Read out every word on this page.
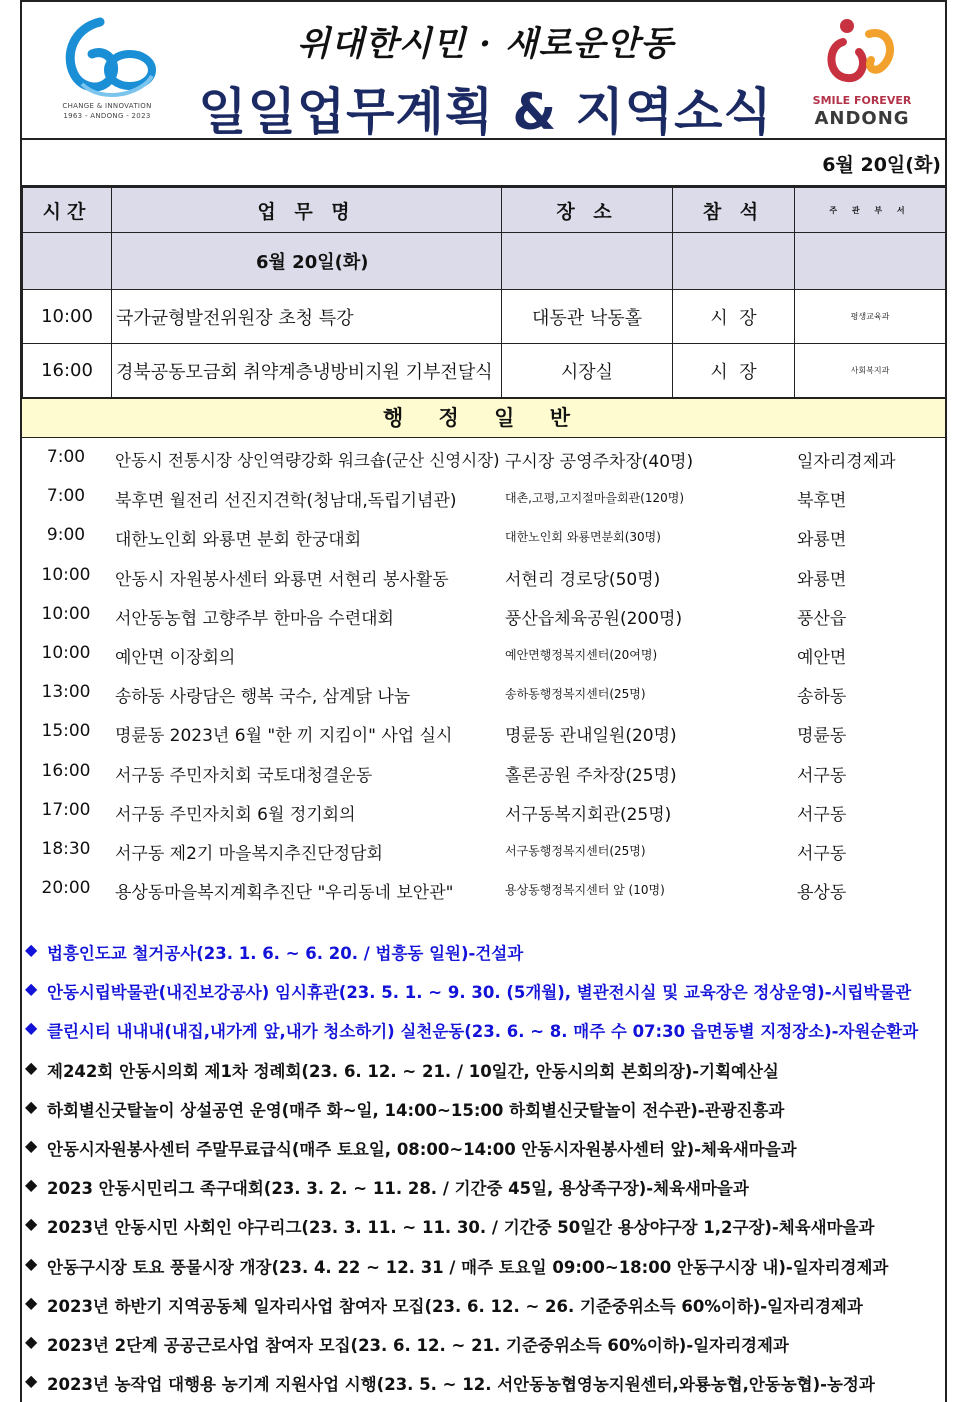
CHANGE & INNOVATION
1963 - ANDONG - 2023
위대한시민 · 새로운안동
일일업무계획 & 지역소식	SMILE FOREVER
ANDONG
6월 20일(화)
시간	업 무 명	장 소	참 석	주 관 부 서
	6월 20일(화)			
10:00	국가균형발전위원장 초청 특강	대동관 낙동홀	시  장	평생교육과
16:00	경북공동모금회 취약계층냉방비지원 기부전달식	시장실	시  장	사회복지과
행 정 일 반
7:00	안동시 전통시장 상인역량강화 워크숍(군산 신영시장) 구시장 공영주차장(40명)	일자리경제과
7:00	북후면 월전리 선진지견학(청남대,독립기념관)	대촌,고평,고지절마을회관(120명)	북후면
9:00	대한노인회 와룡면 분회 한궁대회	대한노인회 와룡면분회(30명)	와룡면
10:00	안동시 자원봉사센터 와룡면 서현리 봉사활동	서현리 경로당(50명)	와룡면
10:00	서안동농협 고향주부 한마음 수련대회	풍산읍체육공원(200명)	풍산읍
10:00	예안면 이장회의	예안면행정복지센터(20여명)	예안면
13:00	송하동 사랑담은 행복 국수, 삼계닭 나눔	송하동행정복지센터(25명)	송하동
15:00	명륜동 2023년 6월 "한 끼 지킴이" 사업 실시	명륜동 관내일원(20명)	명륜동
16:00	서구동 주민자치회 국토대청결운동	홀론공원 주차장(25명)	서구동
17:00	서구동 주민자치회 6월 정기회의	서구동복지회관(25명)	서구동
18:30	서구동 제2기 마을복지추진단정담회	서구동행정복지센터(25명)	서구동
20:00	용상동마을복지계획추진단 "우리동네 보안관"	용상동행정복지센터 앞 (10명)	용상동
◆ 법흥인도교 철거공사(23. 1. 6. ~ 6. 20. / 법흥동 일원)-건설과
◆ 안동시립박물관(내진보강공사) 임시휴관(23. 5. 1. ~ 9. 30. (5개월), 별관전시실 및 교육장은 정상운영)-시립박물관
◆ 클린시티 내내내(내집,내가게 앞,내가 청소하기) 실천운동(23. 6. ~ 8. 매주 수 07:30 읍면동별 지정장소)-자원순환과
◆ 제242회 안동시의회 제1차 정례회(23. 6. 12. ~ 21. / 10일간, 안동시의회 본회의장)-기획예산실
◆ 하회별신굿탈놀이 상설공연 운영(매주 화~일, 14:00~15:00 하회별신굿탈놀이 전수관)-관광진흥과
◆ 안동시자원봉사센터 주말무료급식(매주 토요일, 08:00~14:00 안동시자원봉사센터 앞)-체육새마을과
◆ 2023 안동시민리그 족구대회(23. 3. 2. ~ 11. 28. / 기간중 45일, 용상족구장)-체육새마을과
◆ 2023년 안동시민 사회인 야구리그(23. 3. 11. ~ 11. 30. / 기간중 50일간 용상야구장 1,2구장)-체육새마을과
◆ 안동구시장 토요 풍물시장 개장(23. 4. 22 ~ 12. 31 / 매주 토요일 09:00~18:00 안동구시장 내)-일자리경제과
◆ 2023년 하반기 지역공동체 일자리사업 참여자 모집(23. 6. 12. ~ 26. 기준중위소득 60%이하)-일자리경제과
◆ 2023년 2단계 공공근로사업 참여자 모집(23. 6. 12. ~ 21. 기준중위소득 60%이하)-일자리경제과
◆ 2023년 농작업 대행용 농기계 지원사업 시행(23. 5. ~ 12. 서안동농협영농지원센터,와룡농협,안동농협)-농정과
